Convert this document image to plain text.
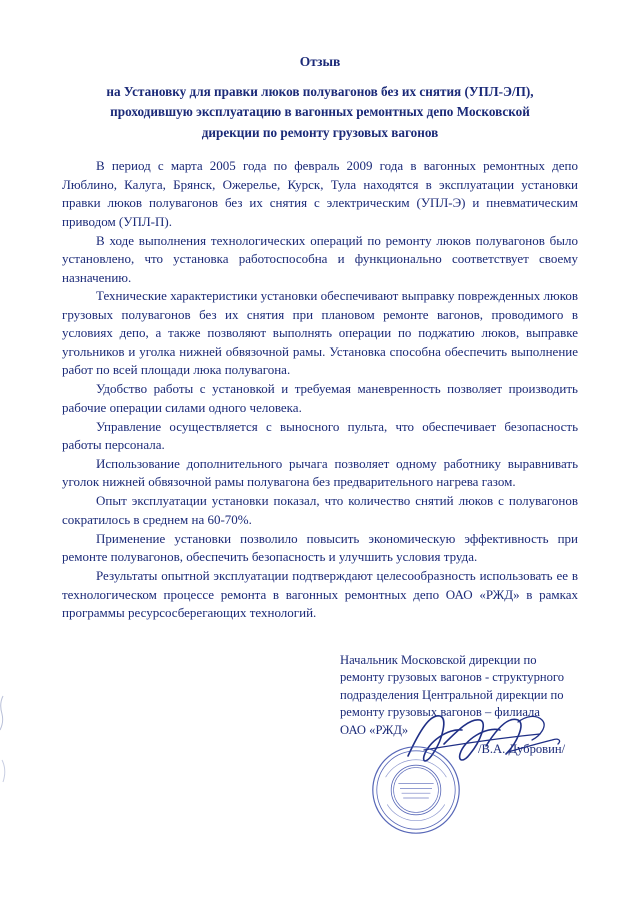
Отзыв
на Установку для правки люков полувагонов без их снятия (УПЛ-Э/П),
проходившую эксплуатацию в вагонных ремонтных депо Московской
дирекции по ремонту грузовых вагонов

В период с марта 2005 года по февраль 2009 года в вагонных ремонтных депо Люблино, Калуга, Брянск, Ожерелье, Курск, Тула находятся в эксплуатации установки правки люков полувагонов без их снятия с электрическим (УПЛ-Э) и пневматическим приводом (УПЛ-П).

В ходе выполнения технологических операций по ремонту люков полувагонов было установлено, что установка работоспособна и функционально соответствует своему назначению.

Технические характеристики установки обеспечивают выправку поврежденных люков грузовых полувагонов без их снятия при плановом ремонте вагонов, проводимого в условиях депо, а также позволяют выполнять операции по поджатию люков, выправке угольников и уголка нижней обвязочной рамы. Установка способна обеспечить выполнение работ по всей площади люка полувагона.

Удобство работы с установкой и требуемая маневренность позволяет производить рабочие операции силами одного человека.

Управление осуществляется с выносного пульта, что обеспечивает безопасность работы персонала.

Использование дополнительного рычага позволяет одному работнику выравнивать уголок нижней обвязочной рамы полувагона без предварительного нагрева газом.

Опыт эксплуатации установки показал, что количество снятий люков с полувагонов сократилось в среднем на 60-70%.

Применение установки позволило повысить экономическую эффективность при ремонте полувагонов, обеспечить безопасность и улучшить условия труда.

Результаты опытной эксплуатации подтверждают целесообразность использовать ее в технологическом процессе ремонта в вагонных ремонтных депо ОАО «РЖД» в рамках программы ресурсосберегающих технологий.

Начальник Московской дирекции по
ремонту грузовых вагонов - структурного
подразделения Центральной дирекции по
ремонту грузовых вагонов – филиала
ОАО «РЖД»
/В.А. Дубровин/
